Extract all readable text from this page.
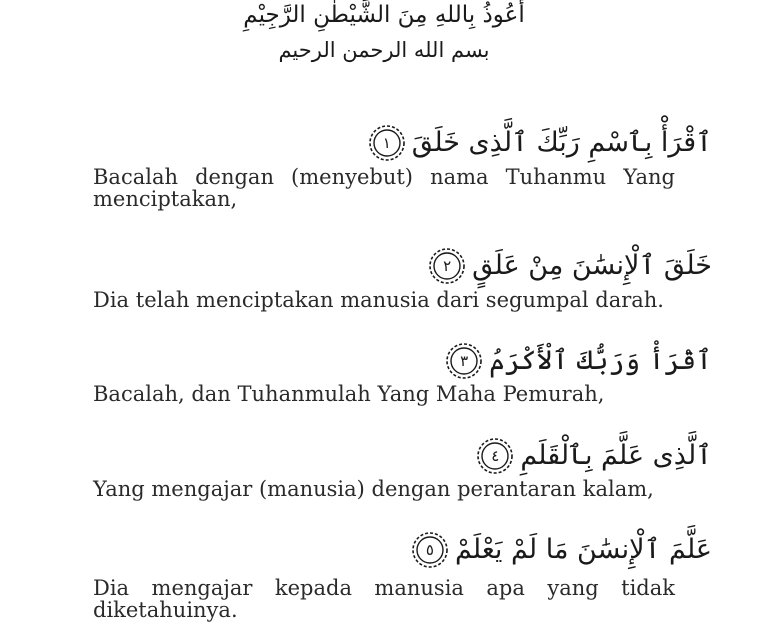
أَعُوذُ بِاللهِ مِنَ الشَّيْطٰنِ الرَّجِيْمِ
بسم الله الرحمن الرحيم
ٱقْرَأْ بِٱسْمِ رَبِّكَ ٱلَّذِى خَلَقَ
١
Bacalah dengan (menyebut) nama Tuhanmu Yang menciptakan,
خَلَقَ ٱلْإِنسَٰنَ مِنْ عَلَقٍ
٢
Dia telah menciptakan manusia dari segumpal darah.
ٱقْرَأْ وَرَبُّكَ ٱلْأَكْرَمُ
٣
Bacalah, dan Tuhanmulah Yang Maha Pemurah,
ٱلَّذِى عَلَّمَ بِٱلْقَلَمِ
٤
Yang mengajar (manusia) dengan perantaran kalam,
عَلَّمَ ٱلْإِنسَٰنَ مَا لَمْ يَعْلَمْ
٥
Dia mengajar kepada manusia apa yang tidak diketahuinya.
